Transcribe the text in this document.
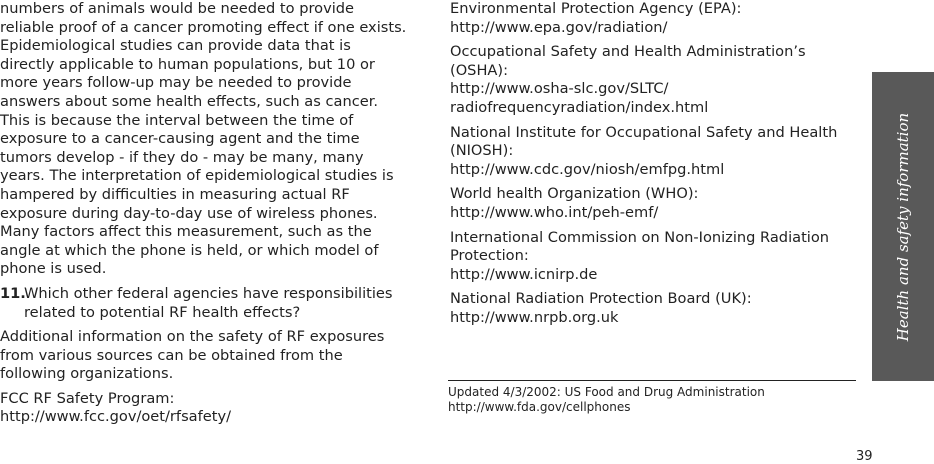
numbers of animals would be needed to provide reliable proof of a cancer promoting effect if one exists. Epidemiological studies can provide data that is directly applicable to human populations, but 10 or more years follow-up may be needed to provide answers about some health effects, such as cancer. This is because the interval between the time of exposure to a cancer-causing agent and the time tumors develop - if they do - may be many, many years. The interpretation of epidemiological studies is hampered by difficulties in measuring actual RF exposure during day-to-day use of wireless phones. Many factors affect this measurement, such as the angle at which the phone is held, or which model of phone is used.

11.
Which other federal agencies have responsibilities related to potential RF health effects?

Additional information on the safety of RF exposures from various sources can be obtained from the following organizations.

FCC RF Safety Program:
http://www.fcc.gov/oet/rfsafety/
Environmental Protection Agency (EPA):
http://www.epa.gov/radiation/
Occupational Safety and Health Administration’s (OSHA):
http://www.osha-slc.gov/SLTC/ radiofrequencyradiation/index.html
National Institute for Occupational Safety and Health (NIOSH):
http://www.cdc.gov/niosh/emfpg.html
World health Organization (WHO):
http://www.who.int/peh-emf/
International Commission on Non-Ionizing Radiation Protection:
http://www.icnirp.de
National Radiation Protection Board (UK):
http://www.nrpb.org.uk
Updated 4/3/2002: US Food and Drug Administration
http://www.fda.gov/cellphones
Health and safety information
39
